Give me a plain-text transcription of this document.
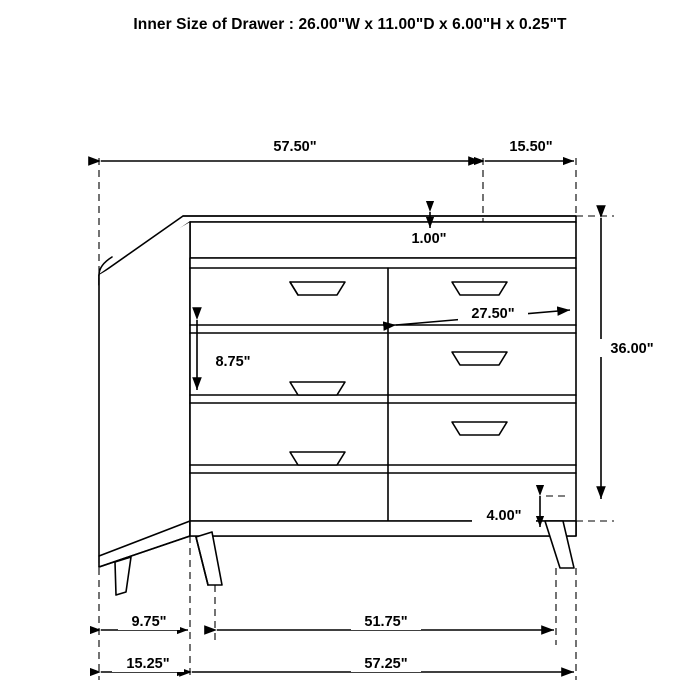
Inner Size of Drawer : 26.00"W x 11.00"D x 6.00"H x 0.25"T
57.50"	15.50"
1.00"
27.50"
8.75"
36.00"
4.00"
9.75"	51.75"
15.25"	57.25"
